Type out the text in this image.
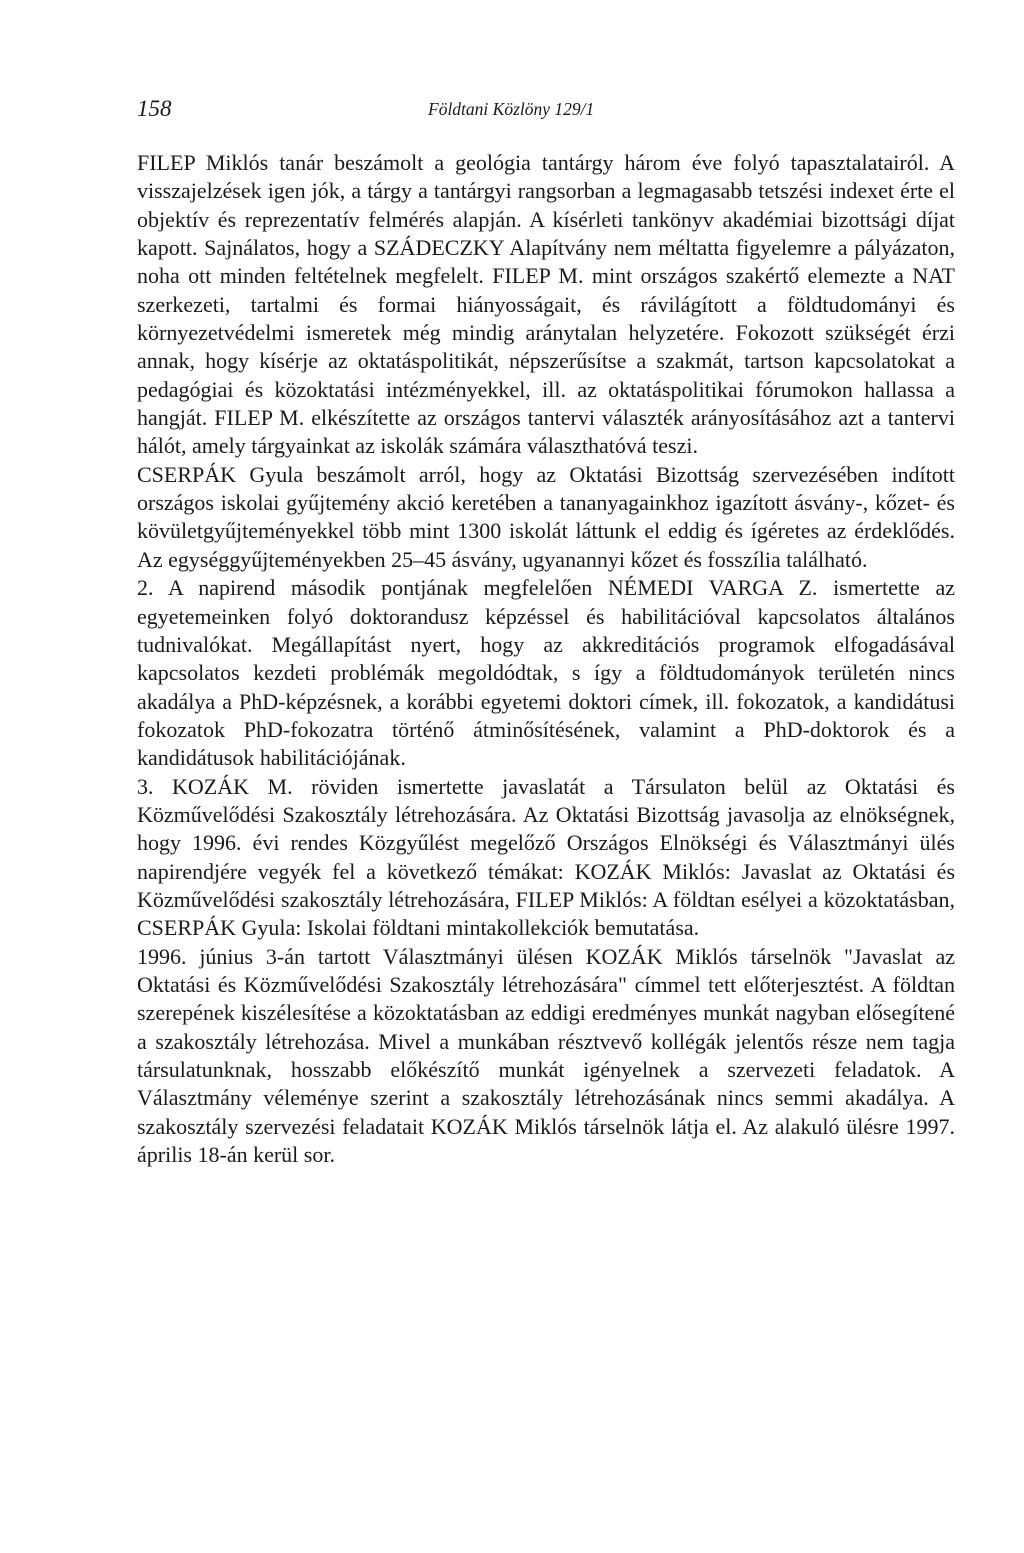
158	Földtani Közlöny 129/1

FILEP Miklós tanár beszámolt a geológia tantárgy három éve folyó tapasztalatairól. A visszajelzések igen jók, a tárgy a tantárgyi rangsorban a legmagasabb tetszési indexet érte el objektív és reprezentatív felmérés alapján. A kísérleti tankönyv akadémiai bizottsági díjat kapott. Sajnálatos, hogy a SZÁDECZKY Alapítvány nem méltatta figyelemre a pályázaton, noha ott minden feltételnek megfelelt. FILEP M. mint országos szakértő elemezte a NAT szerkezeti, tartalmi és formai hiányosságait, és rávilágított a földtudományi és környezetvédelmi ismeretek még mindig aránytalan helyzetére. Fokozott szükségét érzi annak, hogy kísérje az oktatáspolitikát, népszerűsítse a szakmát, tartson kapcsolatokat a pedagógiai és közoktatási intézményekkel, ill. az oktatáspolitikai fórumokon hallassa a hangját. FILEP M. elkészítette az országos tantervi választék arányosításához azt a tantervi hálót, amely tárgyainkat az iskolák számára választhatóvá teszi.

CSERPÁK Gyula beszámolt arról, hogy az Oktatási Bizottság szervezésében indított országos iskolai gyűjtemény akció keretében a tananyagainkhoz igazított ásvány-, kőzet- és kövületgyűjteményekkel több mint 1300 iskolát láttunk el eddig és ígéretes az érdeklődés. Az egységgyűjteményekben 25–45 ásvány, ugyanannyi kőzet és fosszília található.

2. A napirend második pontjának megfelelően NÉMEDI VARGA Z. ismertette az egyetemeinken folyó doktorandusz képzéssel és habilitációval kapcsolatos általános tudnivalókat. Megállapítást nyert, hogy az akkreditációs programok elfogadásával kapcsolatos kezdeti problémák megoldódtak, s így a földtudományok területén nincs akadálya a PhD-képzésnek, a korábbi egyetemi doktori címek, ill. fokozatok, a kandidátusi fokozatok PhD-fokozatra történő átminősítésének, valamint a PhD-doktorok és a kandidátusok habilitációjának.

3. KOZÁK M. röviden ismertette javaslatát a Társulaton belül az Oktatási és Közművelődési Szakosztály létrehozására. Az Oktatási Bizottság javasolja az elnökségnek, hogy 1996. évi rendes Közgyűlést megelőző Országos Elnökségi és Választmányi ülés napirendjére vegyék fel a következő témákat: KOZÁK Miklós: Javaslat az Oktatási és Közművelődési szakosztály létrehozására, FILEP Miklós: A földtan esélyei a közoktatásban, CSERPÁK Gyula: Iskolai földtani mintakollekciók bemutatása.

1996. június 3-án tartott Választmányi ülésen KOZÁK Miklós társelnök "Javaslat az Oktatási és Közművelődési Szakosztály létrehozására" címmel tett előterjesztést. A földtan szerepének kiszélesítése a közoktatásban az eddigi eredményes munkát nagyban elősegítené a szakosztály létrehozása. Mivel a munkában résztvevő kollégák jelentős része nem tagja társulatunknak, hosszabb előkészítő munkát igényelnek a szervezeti feladatok. A Választmány véleménye szerint a szakosztály létrehozásának nincs semmi akadálya. A szakosztály szervezési feladatait KOZÁK Miklós társelnök látja el. Az alakuló ülésre 1997. április 18-án kerül sor.
